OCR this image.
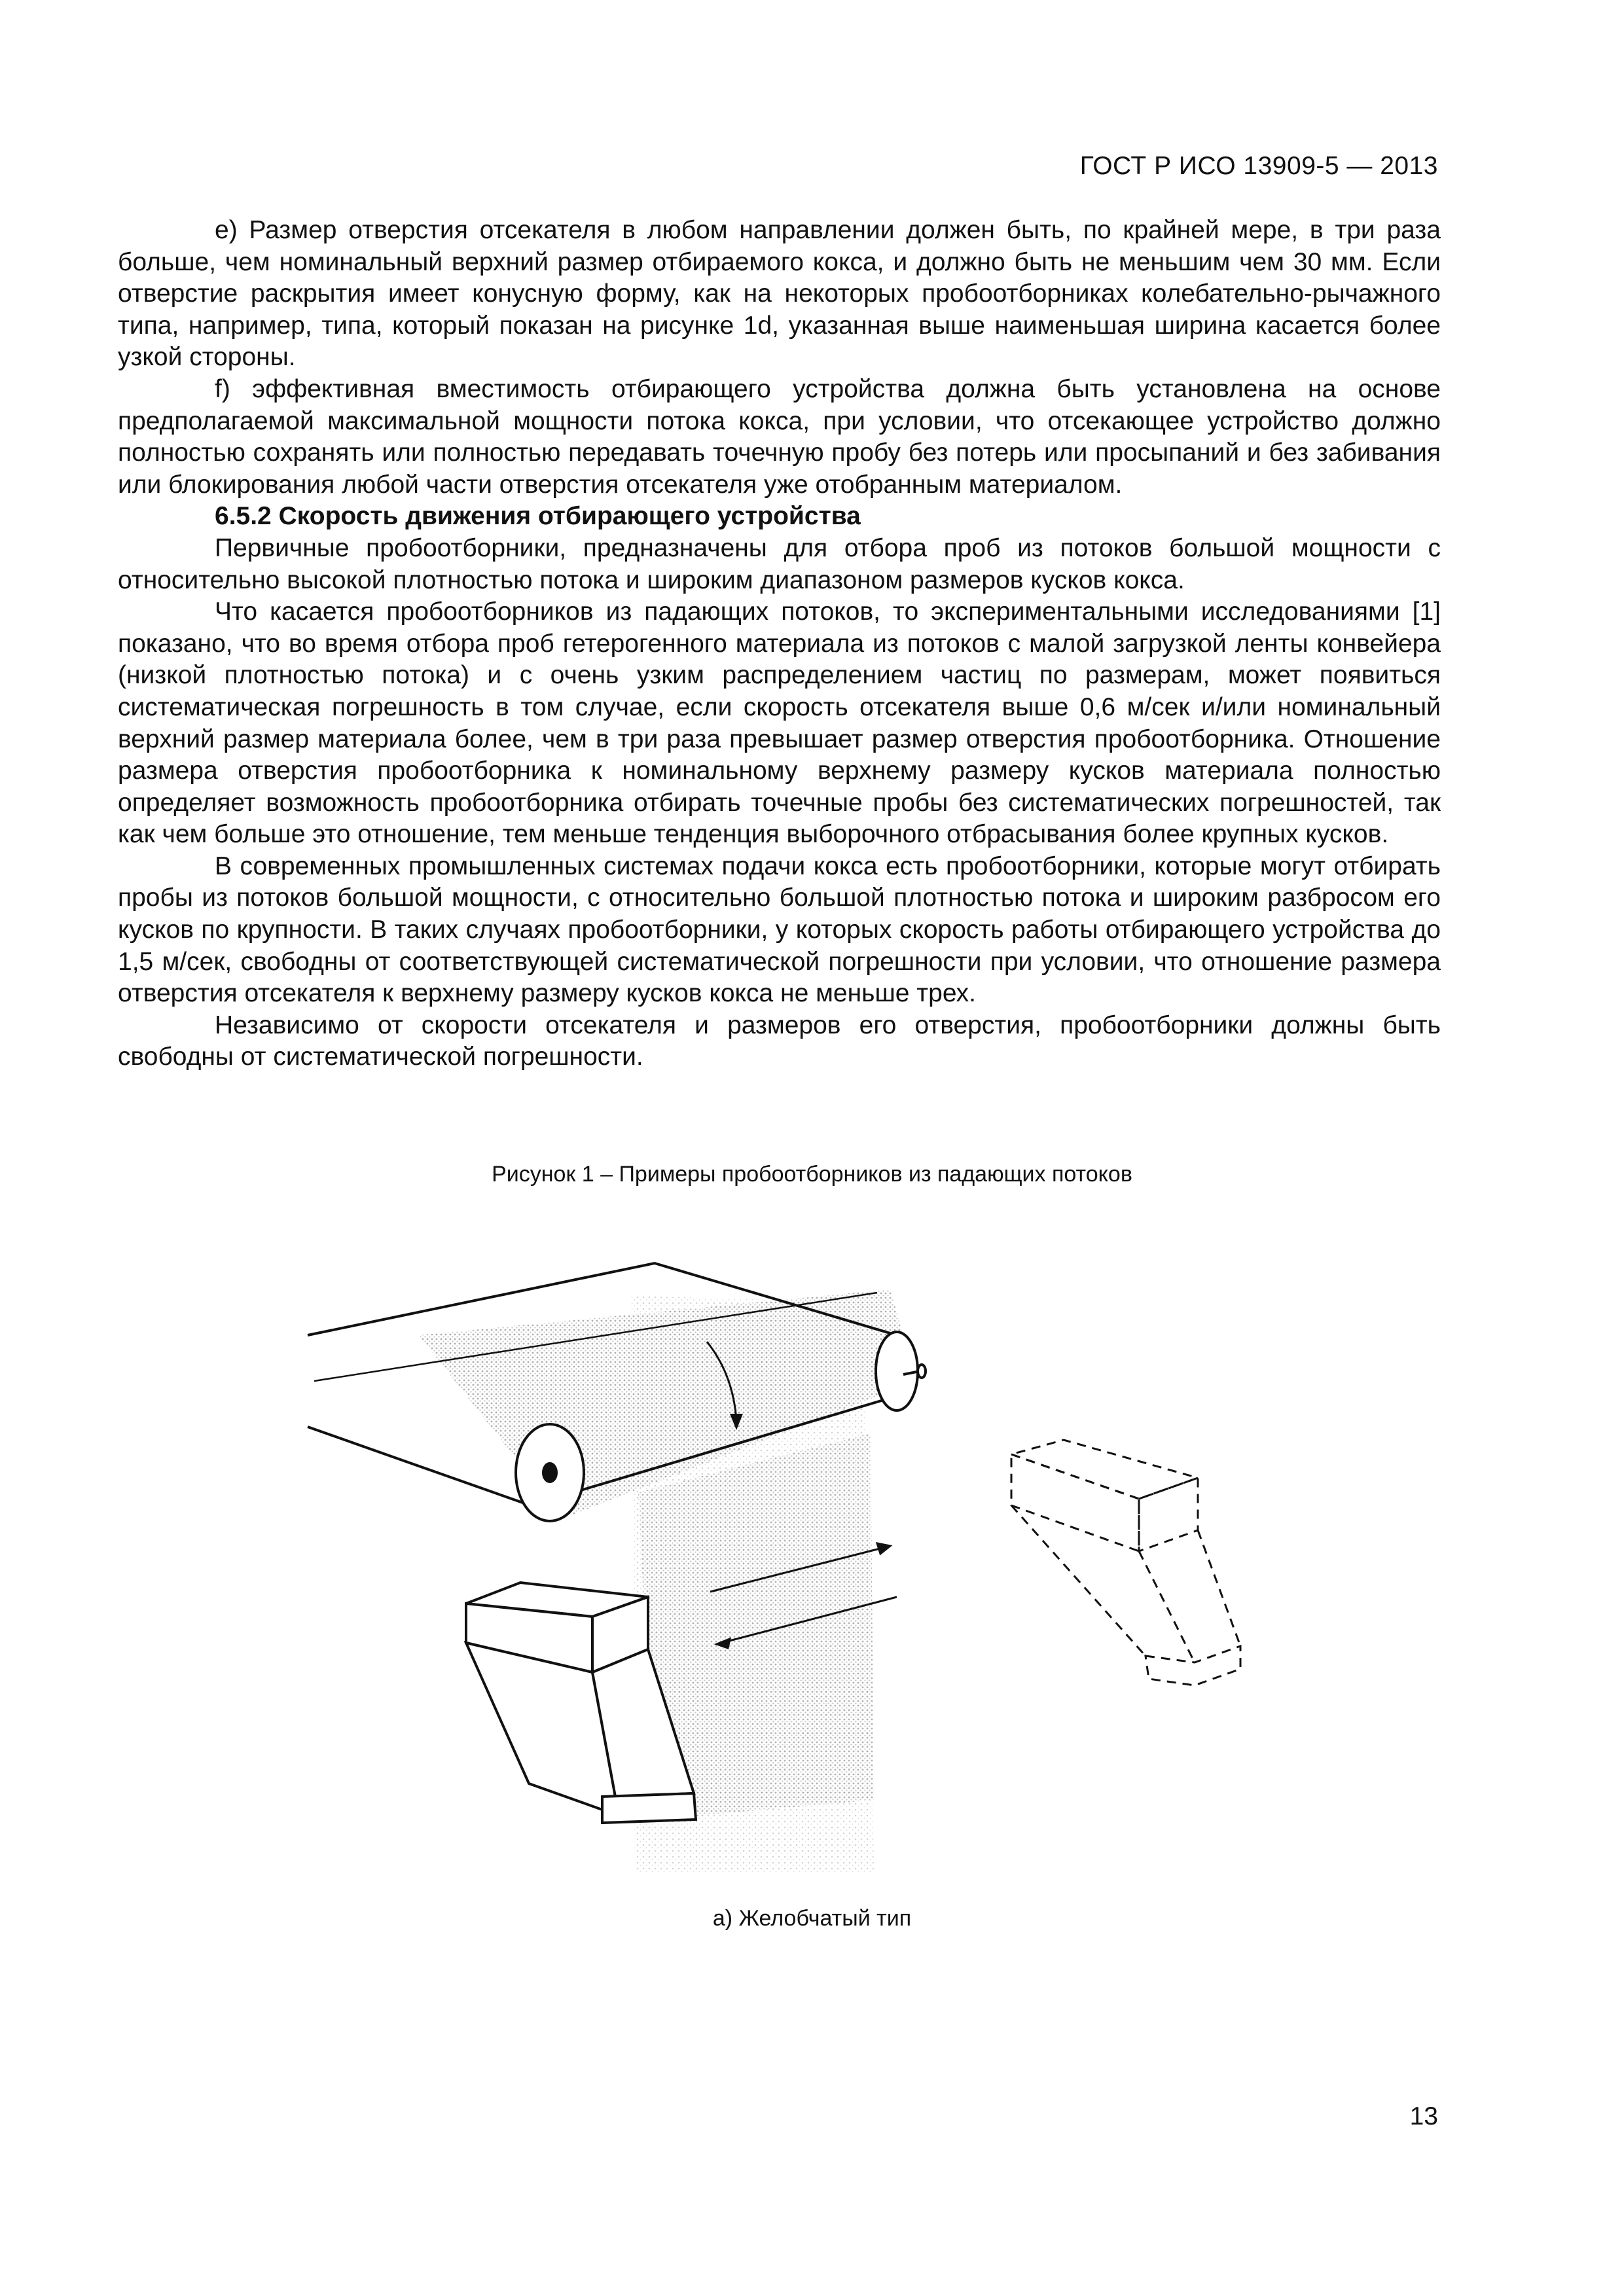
ГОСТ Р ИСО 13909-5 — 2013

е) Размер отверстия отсекателя в любом направлении должен быть, по крайней мере, в три раза больше, чем номинальный верхний размер отбираемого кокса, и должно быть не меньшим чем 30 мм. Если отверстие раскрытия имеет конусную форму, как на некоторых пробоотборниках колебательно-рычажного типа, например, типа, который показан на рисунке 1d, указанная выше наименьшая ширина касается более узкой стороны.

f) эффективная вместимость отбирающего устройства должна быть установлена на основе предполагаемой максимальной мощности потока кокса, при условии, что отсекающее устройство должно полностью сохранять или полностью передавать точечную пробу без потерь или просыпаний и без забивания или блокирования любой части отверстия отсекателя уже отобранным материалом.

6.5.2 Скорость движения отбирающего устройства

Первичные пробоотборники, предназначены для отбора проб из потоков большой мощности с относительно высокой плотностью потока и широким диапазоном размеров кусков кокса.

Что касается пробоотборников из падающих потоков, то экспериментальными исследованиями [1] показано, что во время отбора проб гетерогенного материала из потоков с малой загрузкой ленты конвейера (низкой плотностью потока) и с очень узким распределением частиц по размерам, может появиться систематическая погрешность в том случае, если скорость отсекателя выше 0,6 м/сек и/или номинальный верхний размер материала более, чем в три раза превышает размер отверстия пробоотборника. Отношение размера отверстия пробоотборника к номинальному верхнему размеру кусков материала полностью определяет возможность пробоотборника отбирать точечные пробы без систематических погрешностей, так как чем больше это отношение, тем меньше тенденция выборочного отбрасывания более крупных кусков.

В современных промышленных системах подачи кокса есть пробоотборники, которые могут отбирать пробы из потоков большой мощности, с относительно большой плотностью потока и широким разбросом его кусков по крупности. В таких случаях пробоотборники, у которых скорость работы отбирающего устройства до 1,5 м/сек, свободны от соответствующей систематической погрешности при условии, что отношение размера отверстия отсекателя к верхнему размеру кусков кокса не меньше трех.

Независимо от скорости отсекателя и размеров его отверстия, пробоотборники должны быть свободны от систематической погрешности.

Рисунок 1 – Примеры пробоотборников из падающих потоков
а) Желобчатый тип
13
